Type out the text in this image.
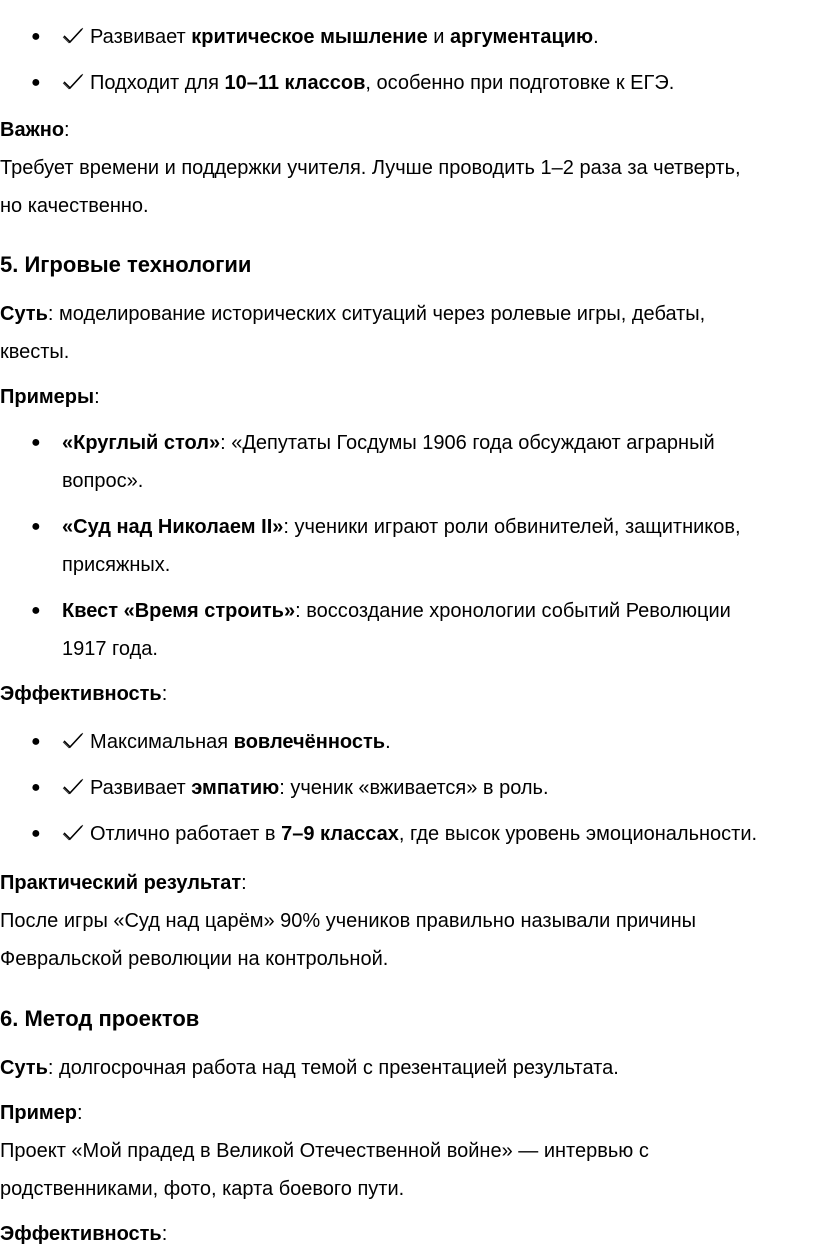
● Развивает критическое мышление и аргументацию.
● Подходит для 10–11 классов, особенно при подготовке к ЕГЭ.

Важно:

Требует времени и поддержки учителя. Лучше проводить 1–2 раза за четверть,
но качественно.

5. Игровые технологии

Суть: моделирование исторических ситуаций через ролевые игры, дебаты,
квесты.

Примеры:

● «Круглый стол»: «Депутаты Госдумы 1906 года обсуждают аграрный
вопрос».
● «Суд над Николаем II»: ученики играют роли обвинителей, защитников,
присяжных.
● Квест «Время строить»: воссоздание хронологии событий Революции
1917 года.

Эффективность:

● Максимальная вовлечённость.
● Развивает эмпатию: ученик «вживается» в роль.
● Отлично работает в 7–9 классах, где высок уровень эмоциональности.

Практический результат:

После игры «Суд над царём» 90% учеников правильно называли причины
Февральской революции на контрольной.

6. Метод проектов

Суть: долгосрочная работа над темой с презентацией результата.

Пример:

Проект «Мой прадед в Великой Отечественной войне» — интервью с
родственниками, фото, карта боевого пути.

Эффективность:
